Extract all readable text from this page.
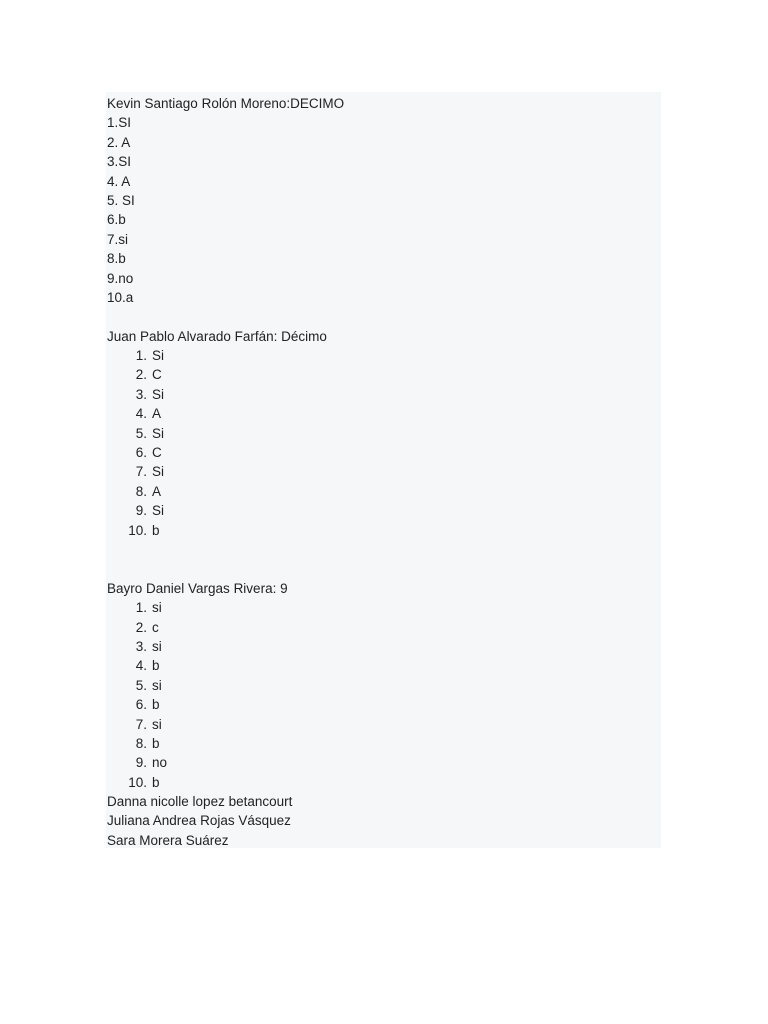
Kevin Santiago Rolón Moreno:DECIMO
1.SI
2. A
3.SI
4. A
5. SI
6.b
7.si
8.b
9.no
10.a
Juan Pablo Alvarado Farfán: Décimo
1. Si
2. C
3. Si
4. A
5. Si
6. C
7. Si
8. A
9. Si
10. b
Bayro Daniel Vargas Rivera: 9
1. si
2. c
3. si
4. b
5. si
6. b
7. si
8. b
9. no
10. b
Danna nicolle lopez betancourt
Juliana Andrea Rojas Vásquez
Sara Morera Suárez
